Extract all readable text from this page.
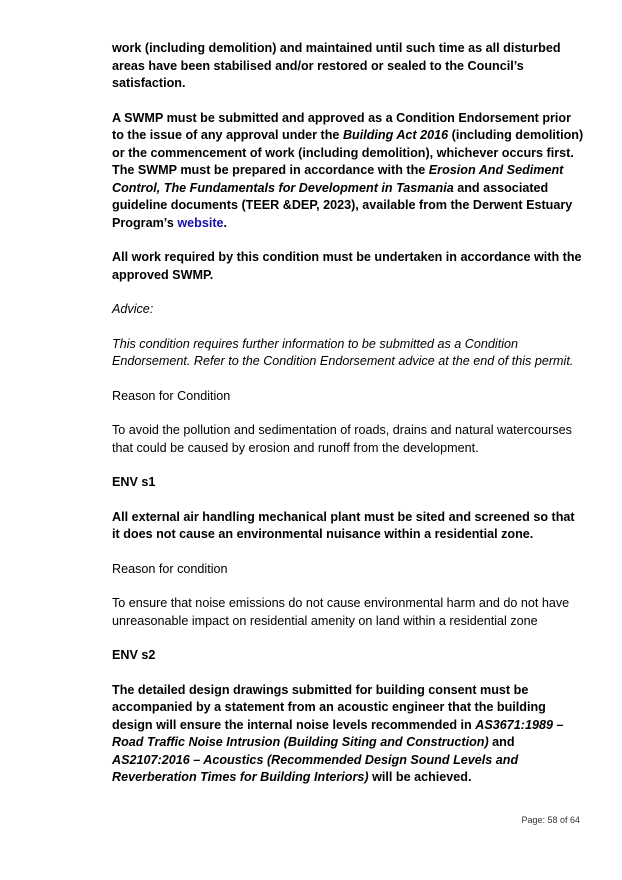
work (including demolition) and maintained until such time as all disturbed areas have been stabilised and/or restored or sealed to the Council’s satisfaction.

A SWMP must be submitted and approved as a Condition Endorsement prior to the issue of any approval under the Building Act 2016 (including demolition) or the commencement of work (including demolition), whichever occurs first. The SWMP must be prepared in accordance with the Erosion And Sediment Control, The Fundamentals for Development in Tasmania and associated guideline documents (TEER &DEP, 2023), available from the Derwent Estuary Program’s website.

All work required by this condition must be undertaken in accordance with the approved SWMP.

Advice:

This condition requires further information to be submitted as a Condition Endorsement. Refer to the Condition Endorsement advice at the end of this permit.

Reason for Condition

To avoid the pollution and sedimentation of roads, drains and natural watercourses that could be caused by erosion and runoff from the development.

ENV s1

All external air handling mechanical plant must be sited and screened so that it does not cause an environmental nuisance within a residential zone.

Reason for condition

To ensure that noise emissions do not cause environmental harm and do not have unreasonable impact on residential amenity on land within a residential zone

ENV s2

The detailed design drawings submitted for building consent must be accompanied by a statement from an acoustic engineer that the building design will ensure the internal noise levels recommended in AS3671:1989 – Road Traffic Noise Intrusion (Building Siting and Construction) and AS2107:2016 – Acoustics (Recommended Design Sound Levels and Reverberation Times for Building Interiors) will be achieved.

Page: 58 of 64
